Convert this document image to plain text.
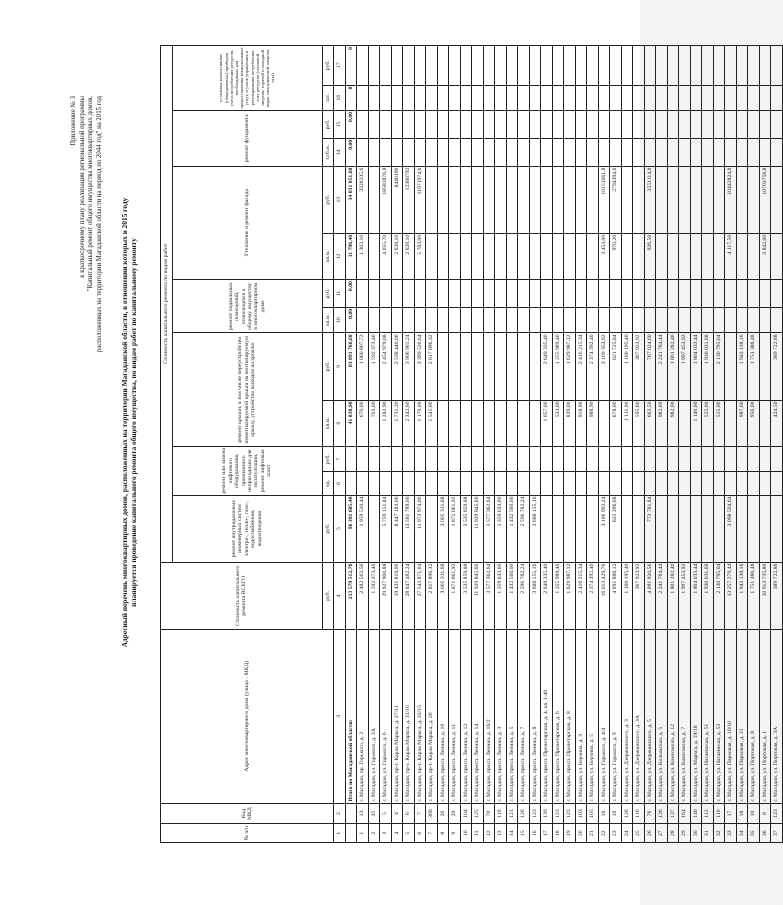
Приложение № 3 к краткосрочному плану реализации региональной программы "Капитальный ремонт общего имущества многоквартирных домов, расположенных на территории Магаданской области на период по 2044 год" на 2015 год Адресный перечень многоквартирных домов, расположенных на территории Магаданской области, в отношении которых в 2015 году планируется проведение капитального ремонта общего имущества, по видам работ по капитальному ремонту
№ п/п	Код МКД	Адрес многоквартирного дома (улица - МКД)	Стоимость капитального ремонта ВСЕГО	Стоимость капитального ремонта по видам работ												
				ремонт внутридомовых инженерных систем электро-, тепло-, газо-, водоснабжения, водоотведения	ремонт или замена лифтового оборудования, признанного непригодным для эксплуатации, ремонт лифтовых шахт		ремонт крыши, в том числе переустройство невентилируемой крыши на вентилируемую крышу, устройство выходов на кровлю		ремонт подвальных помещений, относящихся к общему имуществу в многоквартирном доме		Утепление и ремонт фасада		ремонт фундамента		установка коллективных (общедомовых) приборов учета потребления ресурсов, необходимых для предоставления коммунальных услуг, и узлов управления и регулирования потребления этих ресурсов (тепловой энергии, горячей и холодной воды, электрической энергии, газа)	
			руб.	руб.	ед.	руб.	кв.м.	руб.	кв.м.	руб.	кв.м.	руб.	куб.м.	руб.	шт.	руб.
1	2	3	4	5	6	7	8	9	10	11	12	13	14	15	16	17
		Итого по Магаданской области:	213 579 512,76	96 391 685,40			41 830,90	83 091 766,68	0,00	0,00	11 796,40	34 031 051,60	0,00	0,00	0	0
1	13	г. Магадан, пр. Горького, д. 2	2 482 562,56	1 959 510,44			670,00	1 060 807,72			1 302,10	3328235,6				
2	35	г. Магадан, ул. Горького, д. 3А	1 592 373,40				703,00	1 592 373,40								
3	5	г. Магадан, ул. Горького, д. 6	29 927 900,88	5 759 151,84			1 283,90	2 454 979,08			4 055,70	18581876,8				
4	4	г. Магадан, пр-т. Карла Маркса, д. 27/11	19 431 819,00	8 447 183,00			1 731,20	2 538 440,00			2 628,10	8446196				
5	6	г. Магадан, пр-т. Карла Маркса, д. 31/16	28 847 482,24	13 581 789,00			2 342,00	3 906 901,24			2 628,10	12380792				
6	7	г. Магадан, пр-т. Карла Маркса, д. 33/15	27 543 871,04	11 973 974,00			1 170,00	3 399 520,64			5 783,00	11971974,6				
7	368	г. Магадан, пр-т. Карла Маркса, д. 20	2 817 896,32				1 541,00	2 817 896,32								
8	20	г. Магадан, просп. Ленина, д. 10	3 005 311,68	3 005 311,68												
9	29	г. Магадан, просп. Ленина, д. 11	1 871 061,92	1 871 061,92												
10	104	г. Магадан, просп. Ленина, д. 12	3 535 859,88	3 535 859,88												
11	125	г. Магадан, просп. Ленина, д. 14	11 929 845,60	11 929 845,60												
12	70	г. Магадан, просп. Ленина, д. 16/2	3 577 362,64	3 577 362,64												
13	119	г. Магадан, просп. Ленина, д. 3	1 359 633,60	1 359 633,60												
14	121	г. Магадан, просп. Ленина, д. 5	1 432 560,00	1 432 560,00												
15	126	г. Магадан, просп. Ленина, д. 7	2 596 782,24	2 596 782,24												
16	123	г. Магадан, просп. Ленина, д. 8	3 688 155,16	3 688 155,16												
17	139	г. Магадан, просп. Пролетарская, д. 4, кв. 1-40	2 649 335,40				1 057,00	2 649 335,40								
18	123	г. Магадан, просп. Пролетарская, д. 6	1 255 989,40				533,00	1 255 989,40								
19	122	г. Магадан, просп. Пролетарская, д. 8	1 629 987,12				839,00	1 629 987,12								
20	103	г. Магадан, ул. Берзина, д. 3	2 416 215,34				918,90	2 416 215,34								
21	105	г. Магадан, ул. Берзина, д. 5	2 374 392,40				988,90	2 374 392,40								
22	16	г. Магадан, ул. Горького, д. 4/4	16 013 429,76	3 106 992,24				3 109 353,92			3 453,00	10151061,8				
23	10	г. Магадан, ул. Горького, д. 9	4 691 888,12	825 396,68			678,00	821 725,84			970,20	2794394,6				
24	126	г. Магадан, ул. Дзержинского, д. 3	1 160 195,40				1 111,00	1 160 195,40								
25	116	г. Магадан, ул. Дзержинского, д. 3А	367 923,92				595,60	367 923,92								
26	76	г. Магадан, ул. Дзержинского, д. 5	4 091 920,56	773 781,84			663,50	767 024,60			926,50	2551114,8				
27	126	г. Магадан, ул. Колымская, д. 5	2 241 764,44				982,00	2 241 764,44								
28	137	г. Магадан, ул. Комсомола, д. 12	1 801 282,40				982,00	1 801 282,40								
29	164	г. Магадан, ул. Комсомола, д. 7	1 997 453,92					1 997 453,92								
30	140	г. Магадан, ул. Марксa, д. 19/18	1 804 033,44				1 140,00	1 804 033,44								
31	112	г. Магадан, ул. Нагаевская, д. 51	1 930 031,68				525,00	1 930 031,68								
32	110	г. Магадан, ул. Нагаевская, д. 53	2 130 795,04				515,00	2 130 795,04								
33	17	г. Магадан, ул. Парковая, д. 10/10	13 257 279,44	3 098 504,64							4 117,50	10442824,8				
34	18	г. Магадан, ул. Парковая, д. 21	1 943 138,16				987,00	1 943 138,16								
35	10	г. Магадан, ул. Портовая, д. 8	1 751 386,48				956,00	1 751 386,48								
36	8	г. Магадан, ул. Портовая, д. 1	10 913 735,80								3 842,00	10703758,8				
37	123	г. Магадан, ул. Портовая, д. 3А	389 722,88				424,50	389 722,88								
